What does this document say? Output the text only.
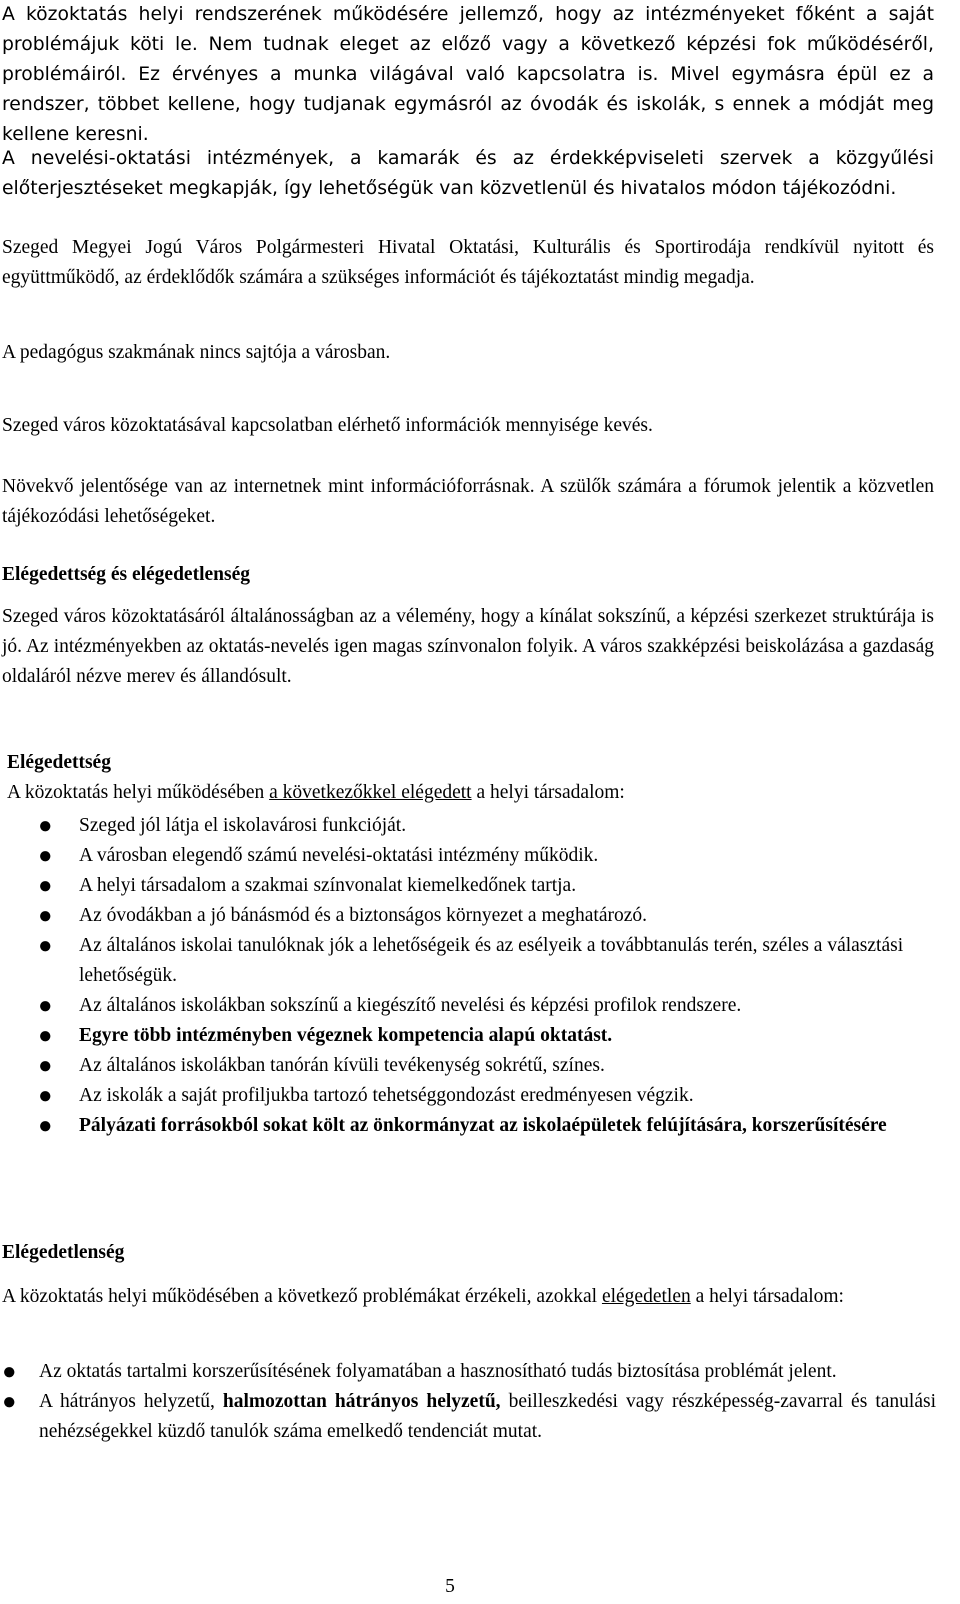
A közoktatás helyi rendszerének működésére jellemző, hogy az intézményeket főként a saját problémájuk köti le. Nem tudnak eleget az előző vagy a következő képzési fok működéséről, problémáiról. Ez érvényes a munka világával való kapcsolatra is. Mivel egymásra épül ez a rendszer, többet kellene, hogy tudjanak egymásról az óvodák és iskolák, s ennek a módját meg kellene keresni.

A nevelési-oktatási intézmények, a kamarák és az érdekképviseleti szervek a közgyűlési előterjesztéseket megkapják, így lehetőségük van közvetlenül és hivatalos módon tájékozódni.

Szeged Megyei Jogú Város Polgármesteri Hivatal Oktatási, Kulturális és Sportirodája rendkívül nyitott és együttműködő, az érdeklődők számára a szükséges információt és tájékoztatást mindig megadja.

A pedagógus szakmának nincs sajtója a városban.

Szeged város közoktatásával kapcsolatban elérhető információk mennyisége kevés.

Növekvő jelentősége van az internetnek mint információforrásnak. A szülők számára a fórumok jelentik a közvetlen tájékozódási lehetőségeket.

Elégedettség és elégedetlenség

Szeged város közoktatásáról általánosságban az a vélemény, hogy a kínálat sokszínű, a képzési szerkezet struktúrája is jó. Az intézményekben az oktatás-nevelés igen magas színvonalon folyik. A város szakképzési beiskolázása a gazdaság oldaláról nézve merev és állandósult.

Elégedettség

A közoktatás helyi működésében a következőkkel elégedett a helyi társadalom:

● Szeged jól látja el iskolavárosi funkcióját.
● A városban elegendő számú nevelési-oktatási intézmény működik.
● A helyi társadalom a szakmai színvonalat kiemelkedőnek tartja.
● Az óvodákban a jó bánásmód és a biztonságos környezet a meghatározó.
● Az általános iskolai tanulóknak jók a lehetőségeik és az esélyeik a továbbtanulás terén, széles a választási lehetőségük.
● Az általános iskolákban sokszínű a kiegészítő nevelési és képzési profilok rendszere.
● Egyre több intézményben végeznek kompetencia alapú oktatást.
● Az általános iskolákban tanórán kívüli tevékenység sokrétű, színes.
● Az iskolák a saját profiljukba tartozó tehetséggondozást eredményesen végzik.
● Pályázati forrásokból sokat költ az önkormányzat az iskolaépületek felújítására, korszerűsítésére
Elégedetlenség

A közoktatás helyi működésében a következő problémákat érzékeli, azokkal elégedetlen a helyi társadalom:

● Az oktatás tartalmi korszerűsítésének folyamatában a hasznosítható tudás biztosítása problémát jelent.
● A hátrányos helyzetű, halmozottan hátrányos helyzetű, beilleszkedési vagy részképesség-zavarral és tanulási nehézségekkel küzdő tanulók száma emelkedő tendenciát mutat.
5
